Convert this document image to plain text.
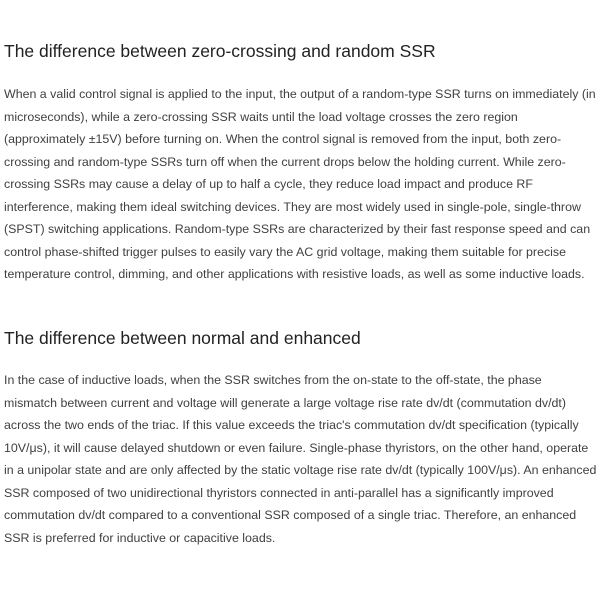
The difference between zero-crossing and random SSR

When a valid control signal is applied to the input, the output of a random-type SSR turns on immediately (in microseconds), while a zero-crossing SSR waits until the load voltage crosses the zero region (approximately ±15V) before turning on. When the control signal is removed from the input, both zero-crossing and random-type SSRs turn off when the current drops below the holding current. While zero-crossing SSRs may cause a delay of up to half a cycle, they reduce load impact and produce RF interference, making them ideal switching devices. They are most widely used in single-pole, single-throw (SPST) switching applications. Random-type SSRs are characterized by their fast response speed and can control phase-shifted trigger pulses to easily vary the AC grid voltage, making them suitable for precise temperature control, dimming, and other applications with resistive loads, as well as some inductive loads.

The difference between normal and enhanced

In the case of inductive loads, when the SSR switches from the on-state to the off-state, the phase mismatch between current and voltage will generate a large voltage rise rate dv/dt (commutation dv/dt) across the two ends of the triac. If this value exceeds the triac's commutation dv/dt specification (typically 10V/μs), it will cause delayed shutdown or even failure. Single-phase thyristors, on the other hand, operate in a unipolar state and are only affected by the static voltage rise rate dv/dt (typically 100V/μs). An enhanced SSR composed of two unidirectional thyristors connected in anti-parallel has a significantly improved commutation dv/dt compared to a conventional SSR composed of a single triac. Therefore, an enhanced SSR is preferred for inductive or capacitive loads.
